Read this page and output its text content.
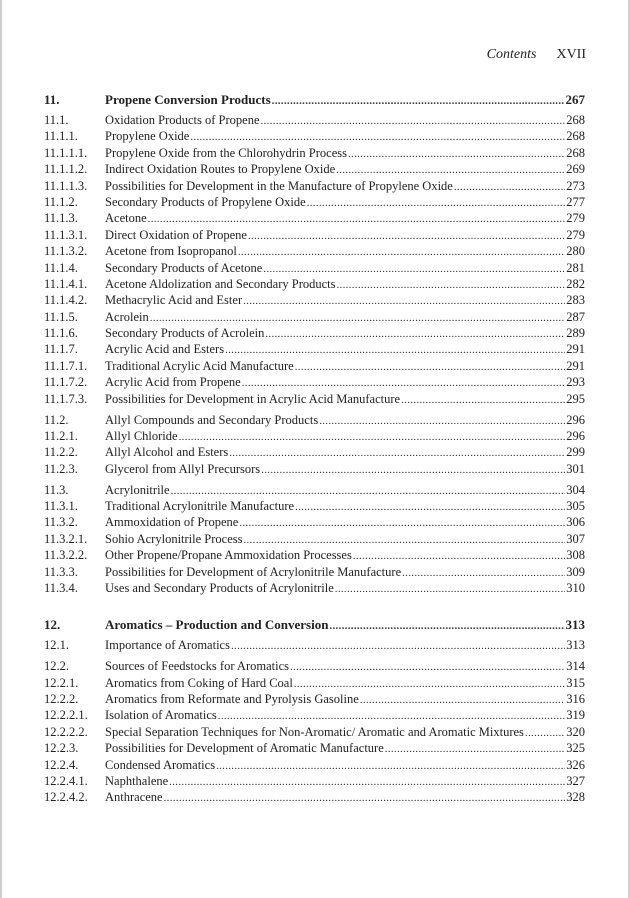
Contents XVII
11.	Propene Conversion Products .....	267
11.1.	Oxidation Products of Propene .....	268
11.1.1.	Propylene Oxide .....	268
11.1.1.1.	Propylene Oxide from the Chlorohydrin Process .....	268
11.1.1.2.	Indirect Oxidation Routes to Propylene Oxide .....	269
11.1.1.3.	Possibilities for Development in the Manufacture of Propylene Oxide .....	273
11.1.2.	Secondary Products of Propylene Oxide .....	277
11.1.3.	Acetone .....	279
11.1.3.1.	Direct Oxidation of Propene .....	279
11.1.3.2.	Acetone from Isopropanol .....	280
11.1.4.	Secondary Products of Acetone .....	281
11.1.4.1.	Acetone Aldolization and Secondary Products .....	282
11.1.4.2.	Methacrylic Acid and Ester .....	283
11.1.5.	Acrolein .....	287
11.1.6.	Secondary Products of Acrolein .....	289
11.1.7.	Acrylic Acid and Esters .....	291
11.1.7.1.	Traditional Acrylic Acid Manufacture .....	291
11.1.7.2.	Acrylic Acid from Propene .....	293
11.1.7.3.	Possibilities for Development in Acrylic Acid Manufacture .....	295
11.2.	Allyl Compounds and Secondary Products .....	296
11.2.1.	Allyl Chloride .....	296
11.2.2.	Allyl Alcohol and Esters .....	299
11.2.3.	Glycerol from Allyl Precursors .....	301
11.3.	Acrylonitrile .....	304
11.3.1.	Traditional Acrylonitrile Manufacture .....	305
11.3.2.	Ammoxidation of Propene .....	306
11.3.2.1.	Sohio Acrylonitrile Process .....	307
11.3.2.2.	Other Propene/Propane Ammoxidation Processes .....	308
11.3.3.	Possibilities for Development of Acrylonitrile Manufacture .....	309
11.3.4.	Uses and Secondary Products of Acrylonitrile .....	310
12.	Aromatics – Production and Conversion .....	313
12.1.	Importance of Aromatics .....	313
12.2.	Sources of Feedstocks for Aromatics .....	314
12.2.1.	Aromatics from Coking of Hard Coal .....	315
12.2.2.	Aromatics from Reformate and Pyrolysis Gasoline .....	316
12.2.2.1.	Isolation of Aromatics .....	319
12.2.2.2.	Special Separation Techniques for Non-Aromatic/ Aromatic and Aromatic Mixtures .....	320
12.2.3.	Possibilities for Development of Aromatic Manufacture .....	325
12.2.4.	Condensed Aromatics .....	326
12.2.4.1.	Naphthalene .....	327
12.2.4.2.	Anthracene .....	328
